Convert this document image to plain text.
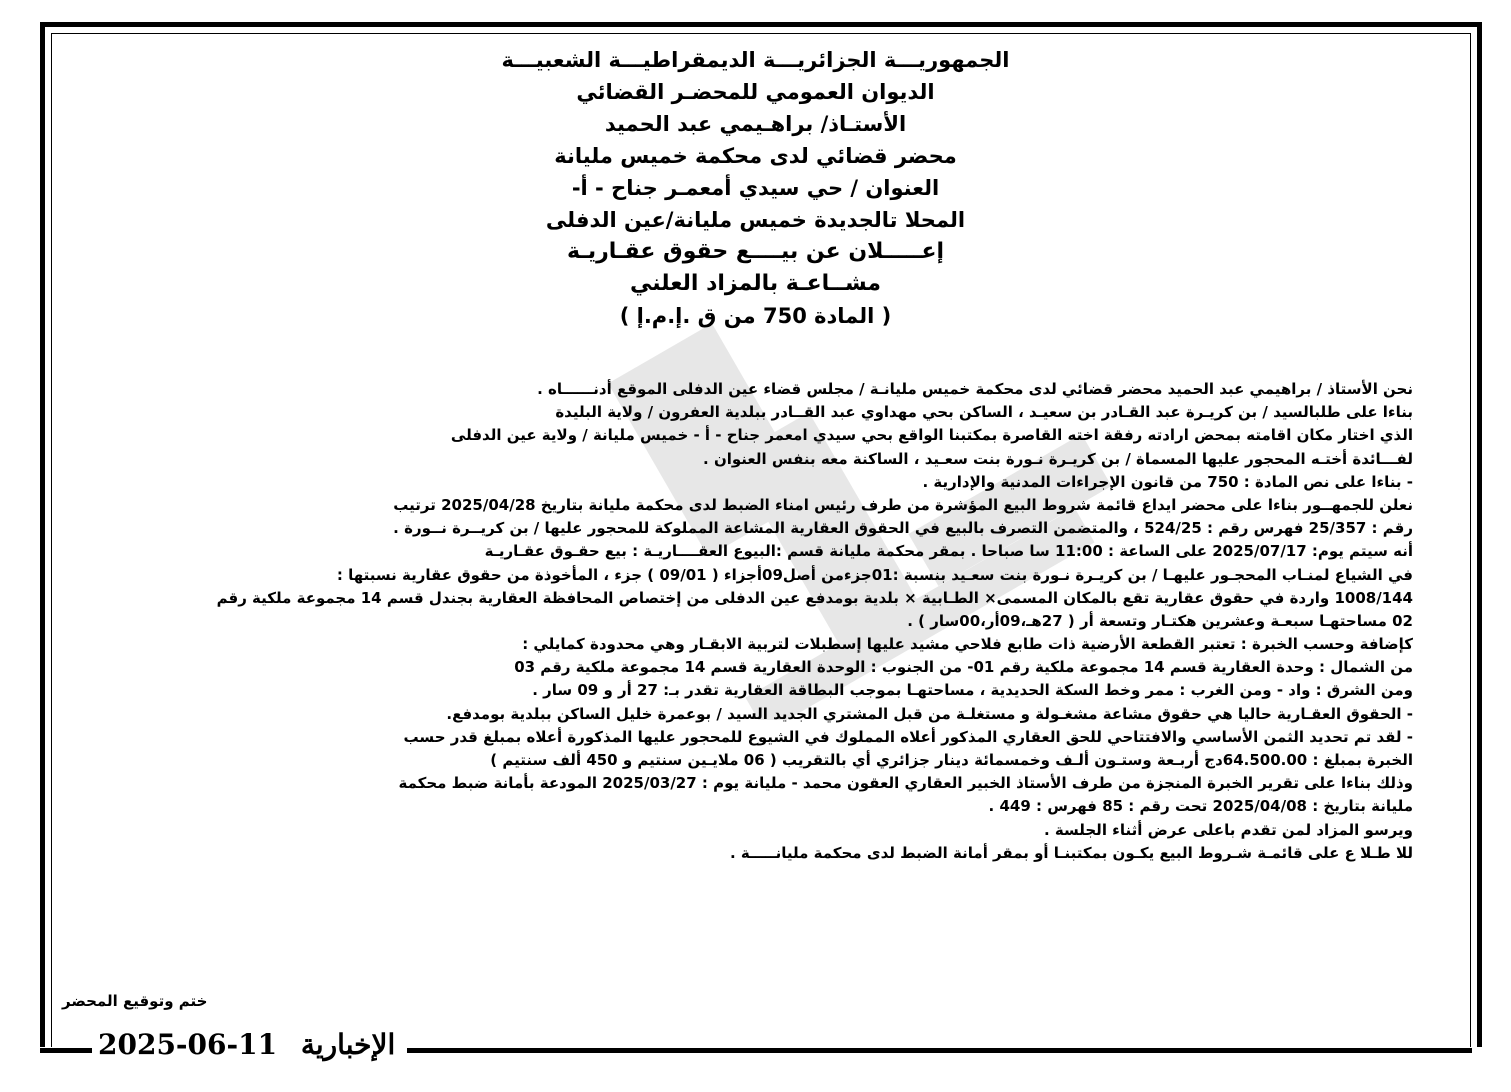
الجمهوريـــة الجزائريـــة الديمقراطيـــة الشعبيـــة
الديوان العمومي للمحضـر القضائي
الأستـاذ/ براهـيمي عبد الحميد
محضر قضائي لدى محكمة خميس مليانة
العنوان / حي سيدي أمعمـر جناح - أ-
المحلا تالجديدة خميس مليانة/عين الدفلى
إعـــــلان عن بيــــع حقوق عقـاريـة
مشــاعـة بالمزاد العلني
( المادة 750 من ق .إ.م.إ )
نحن الأستاذ / براهيمي عبد الحميد محضر قضائي لدى محكمة خميس مليانـة / مجلس قضاء عين الدفلى الموقع أدنــــــاه .
بناءا على طلبالسيد / بن كريـرة عبد القـادر بن سعيـد ، الساكن بحي مهداوي عبد القــادر ببلدية العفرون / ولاية البليدة
الذي اختار مكان اقامته بمحض ارادته رفقة اخته القاصرة بمكتبنا الواقع بحي سيدي امعمر جناح - أ - خميس مليانة / ولاية عين الدفلى
لفـــائدة أختـه المحجور عليها المسماة / بن كريـرة نـورة بنت سعـيد ، الساكنة معه بنفس العنوان .
- بناءا على نص المادة : 750 من قانون الإجراءات المدنية والإدارية .
نعلن للجمهــور بناءا على محضر ايداع قائمة شروط البيع المؤشرة من طرف رئيس امناء الضبط لدى محكمة مليانة بتاريخ 2025/04/28 ترتيب
رقم : 25/357 فهرس رقم : 524/25 ، والمتضمن التصرف بالبيع في الحقوق العقارية المشاعة المملوكة للمحجور عليها / بن كريــرة نــورة .
أنه سيتم يوم: 2025/07/17 على الساعة : 11:00 سا صباحا . بمقر محكمة مليانة قسم :البيوع العقــــاريـة : بيع حقـوق عقـاريـة
في الشياع لمنـاب المحجـور عليهـا / بن كريـرة نـورة بنت سعـيد بنسبة :01جزءمن أصل09أجزاء ( 09/01 ) جزء ، المأخوذة من حقوق عقارية نسبتها :
1008/144 واردة في حقوق عقارية تقع بالمكان المسمى× الطـابية × بلدية بومدفع عين الدفلى من إختصاص المحافظة العقارية بجندل قسم 14 مجموعة ملكية رقم
02 مساحتهـا سبعـة وعشرين هكتـار وتسعة أر ( 27هـ،09أر،00سار ) .
كإضافة وحسب الخبرة : تعتبر القطعة الأرضية ذات طابع فلاحي مشيد عليها إسطبلات لتربية الابقـار وهي محدودة كمايلي :
من الشمال : وحدة العقارية قسم 14 مجموعة ملكية رقم 01- من الجنوب : الوحدة العقارية قسم 14 مجموعة ملكية رقم 03
ومن الشرق : واد - ومن الغرب : ممر وخط السكة الحديدية ، مساحتهـا بموجب البطاقة العقارية تقدر بـ: 27 أر و 09 سار .
- الحقوق العقـارية حاليا هي حقوق مشاعة مشغـولة و مستغلـة من قبل المشتري الجديد السيد / بوعمرة خليل الساكن ببلدية بومدفع.
- لقد تم تحديد الثمن الأساسي والافتتاحي للحق العقاري المذكور أعلاه المملوك في الشيوع للمحجور عليها المذكورة أعلاه بمبلغ قدر حسب
الخبرة بمبلغ : 64.500.00دج أربـعة وستـون ألـف وخمسمائة دينار جزائري أي بالتقريب ( 06 ملايـين سنتيم و 450 ألف سنتيم )
وذلك بناءا على تقرير الخبرة المنجزة من طرف الأستاذ الخبير العقاري العقون محمد - مليانة يوم : 2025/03/27 المودعة بأمانة ضبط محكمة
مليانة بتاريخ : 2025/04/08 تحت رقم : 85 فهرس : 449 .
ويرسو المزاد لمن تقدم باعلى عرض أثناء الجلسة .
للا طـلا ع على قائمـة شـروط البيع يكـون بمكتبنـا أو بمقر أمانة الضبط لدى محكمة مليانـــــة .
ختم وتوقيع المحضر
2025-06-11 الإخبارية
